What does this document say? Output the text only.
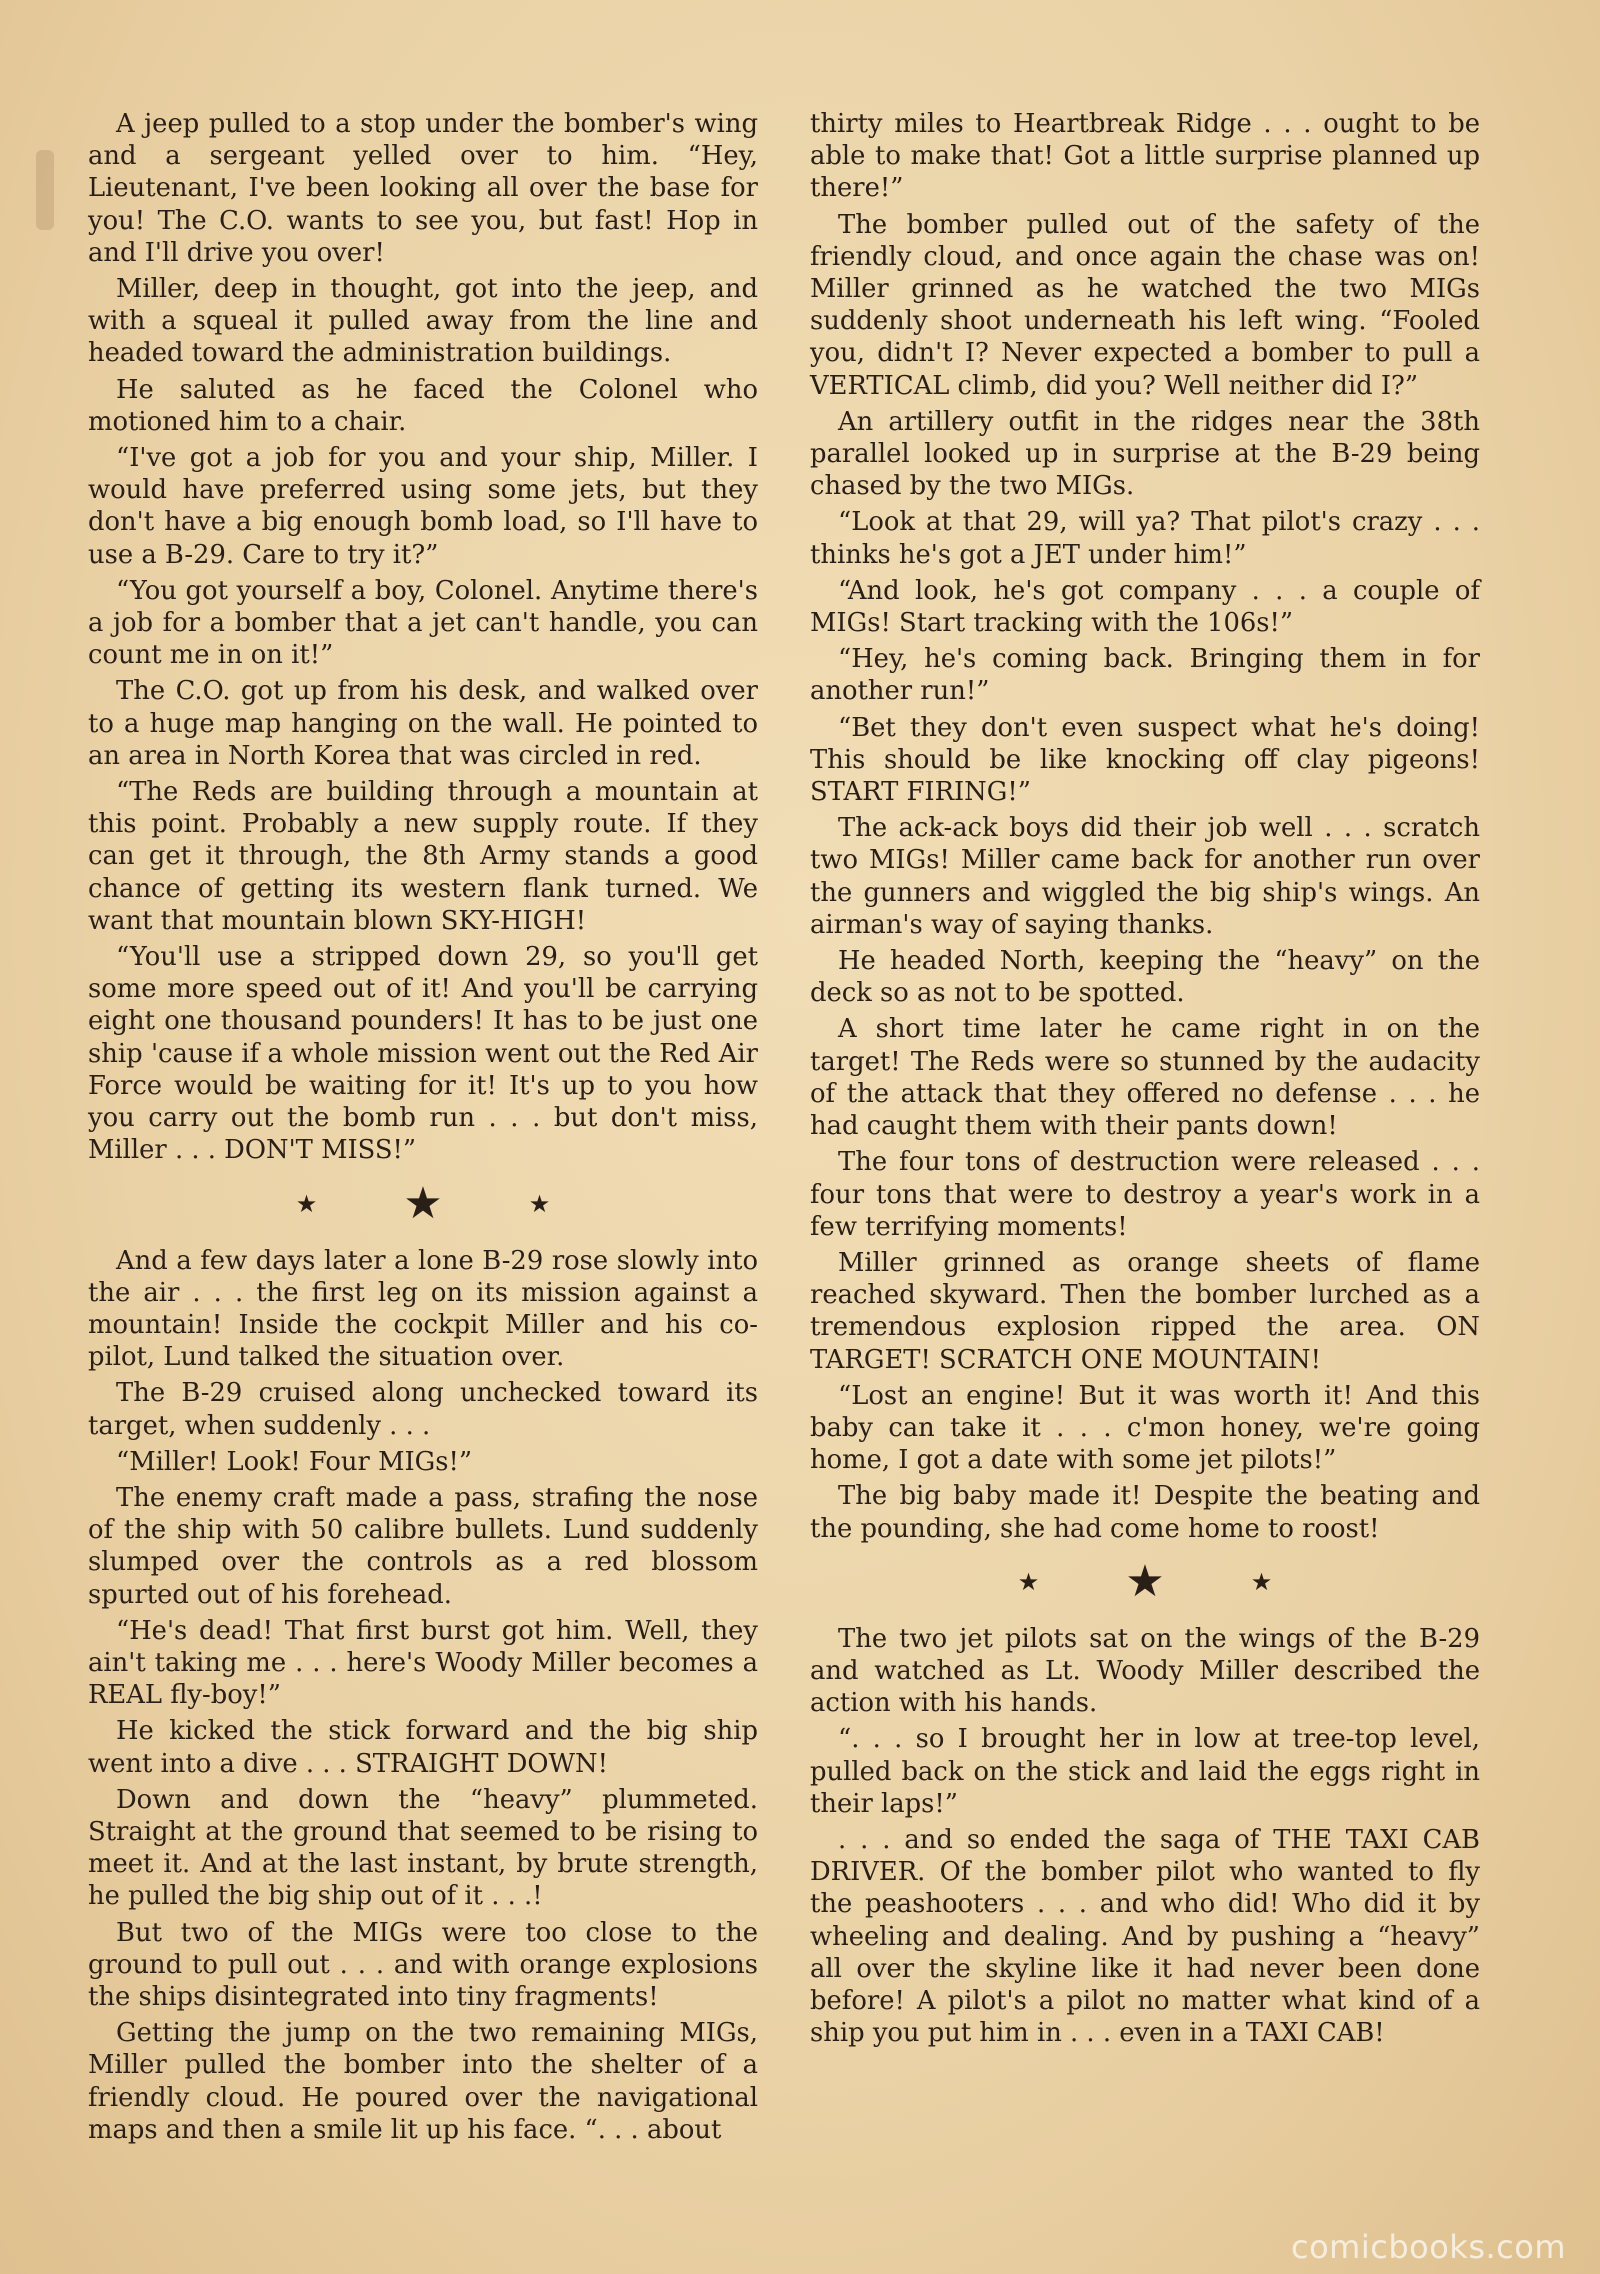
A jeep pulled to a stop under the bomber's wing and a sergeant yelled over to him. “Hey, Lieutenant, I've been looking all over the base for you! The C.O. wants to see you, but fast! Hop in and I'll drive you over!

Miller, deep in thought, got into the jeep, and with a squeal it pulled away from the line and headed toward the administration buildings.

He saluted as he faced the Colonel who motioned him to a chair.

“I've got a job for you and your ship, Miller. I would have preferred using some jets, but they don't have a big enough bomb load, so I'll have to use a B-29. Care to try it?”

“You got yourself a boy, Colonel. Anytime there's a job for a bomber that a jet can't handle, you can count me in on it!”

The C.O. got up from his desk, and walked over to a huge map hanging on the wall. He pointed to an area in North Korea that was circled in red.

“The Reds are building through a mountain at this point. Probably a new supply route. If they can get it through, the 8th Army stands a good chance of getting its western flank turned. We want that mountain blown SKY-HIGH!

“You'll use a stripped down 29, so you'll get some more speed out of it! And you'll be carrying eight one thousand pounders! It has to be just one ship 'cause if a whole mission went out the Red Air Force would be waiting for it! It's up to you how you carry out the bomb run . . . but don't miss, Miller . . . DON'T MISS!”

★ ★	★

And a few days later a lone B-29 rose slowly into the air . . . the first leg on its mission against a mountain! Inside the cockpit Miller and his co-pilot, Lund talked the situation over.

The B-29 cruised along unchecked toward its target, when suddenly . . .

“Miller! Look! Four MIGs!”

The enemy craft made a pass, strafing the nose of the ship with 50 calibre bullets. Lund suddenly slumped over the controls as a red blossom spurted out of his forehead.

“He's dead! That first burst got him. Well, they ain't taking me . . . here's Woody Miller becomes a REAL fly-boy!”

He kicked the stick forward and the big ship went into a dive . . . STRAIGHT DOWN!

Down and down the “heavy” plummeted. Straight at the ground that seemed to be rising to meet it. And at the last instant, by brute strength, he pulled the big ship out of it . . .!

But two of the MIGs were too close to the ground to pull out . . . and with orange explosions the ships disintegrated into tiny fragments!

Getting the jump on the two remaining MIGs, Miller pulled the bomber into the shelter of a friendly cloud. He poured over the navigational maps and then a smile lit up his face. “. . . about

thirty miles to Heartbreak Ridge . . . ought to be able to make that! Got a little surprise planned up there!”

The bomber pulled out of the safety of the friendly cloud, and once again the chase was on! Miller grinned as he watched the two MIGs suddenly shoot underneath his left wing. “Fooled you, didn't I? Never expected a bomber to pull a VERTICAL climb, did you? Well neither did I?”

An artillery outfit in the ridges near the 38th parallel looked up in surprise at the B-29 being chased by the two MIGs.

“Look at that 29, will ya? That pilot's crazy . . . thinks he's got a JET under him!”

“And look, he's got company . . . a couple of MIGs! Start tracking with the 106s!”

“Hey, he's coming back. Bringing them in for another run!”

“Bet they don't even suspect what he's doing! This should be like knocking off clay pigeons! START FIRING!”

The ack-ack boys did their job well . . . scratch two MIGs! Miller came back for another run over the gunners and wiggled the big ship's wings. An airman's way of saying thanks.

He headed North, keeping the “heavy” on the deck so as not to be spotted.

A short time later he came right in on the target! The Reds were so stunned by the audacity of the attack that they offered no defense . . . he had caught them with their pants down!

The four tons of destruction were released . . . four tons that were to destroy a year's work in a few terrifying moments!

Miller grinned as orange sheets of flame reached skyward. Then the bomber lurched as a tremendous explosion ripped the area. ON TARGET! SCRATCH ONE MOUNTAIN!

“Lost an engine! But it was worth it! And this baby can take it . . . c'mon honey, we're going home, I got a date with some jet pilots!”

The big baby made it! Despite the beating and the pounding, she had come home to roost!

★ ★	★

The two jet pilots sat on the wings of the B-29 and watched as Lt. Woody Miller described the action with his hands.

“. . . so I brought her in low at tree-top level, pulled back on the stick and laid the eggs right in their laps!”

. . . and so ended the saga of THE TAXI CAB DRIVER. Of the bomber pilot who wanted to fly the peashooters . . . and who did! Who did it by wheeling and dealing. And by pushing a “heavy” all over the skyline like it had never been done before! A pilot's a pilot no matter what kind of a ship you put him in . . . even in a TAXI CAB!

comicbooks.com
